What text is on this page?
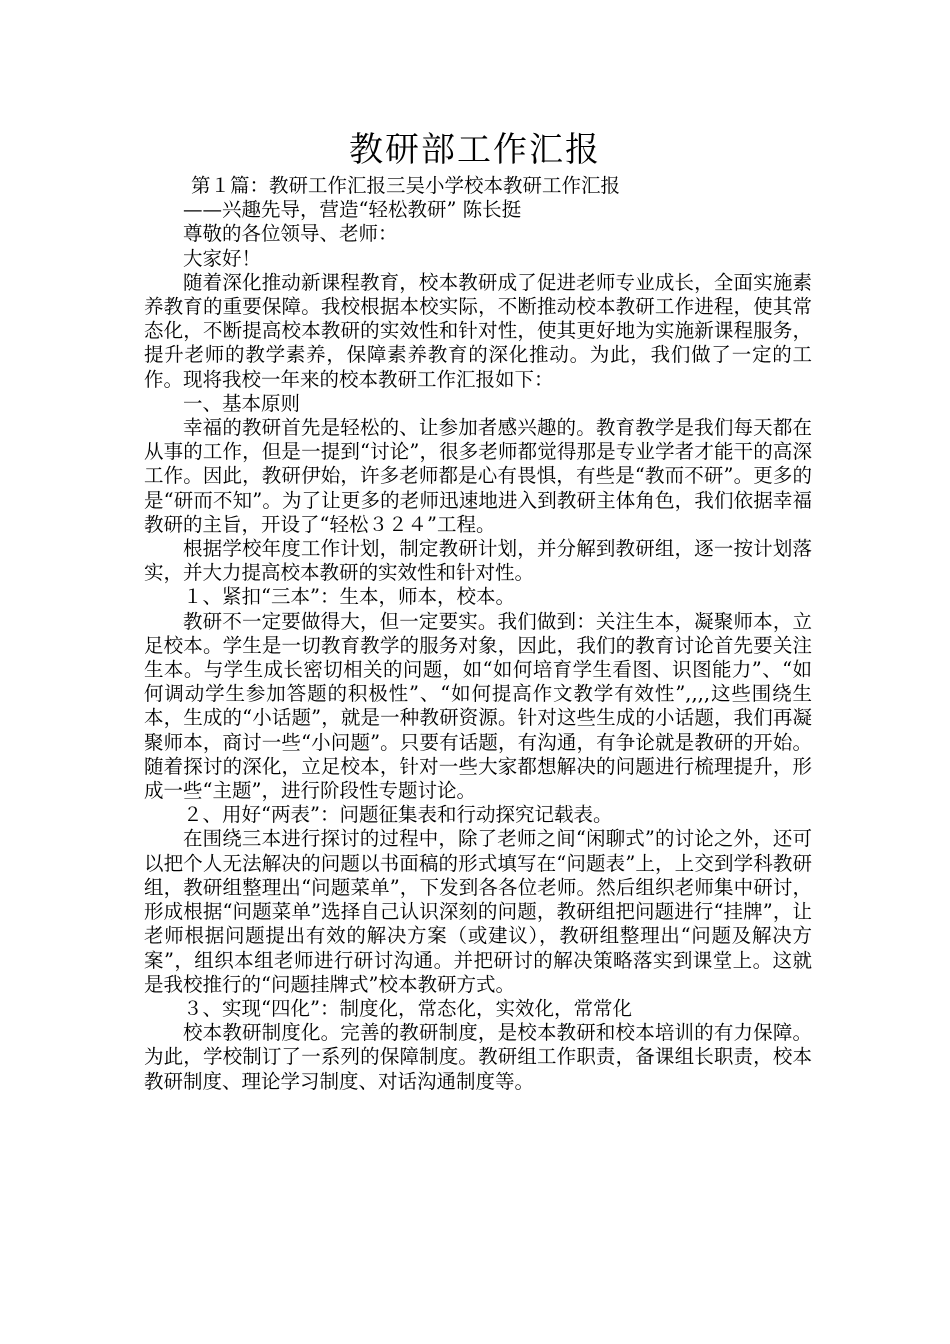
教研部工作汇报

第１篇：教研工作汇报三吴小学校本教研工作汇报

——兴趣先导，营造“轻松教研” 陈长挺

尊敬的各位领导、老师：

大家好！

随着深化推动新课程教育，校本教研成了促进老师专业成长，全面实施素养教育的重要保障。我校根据本校实际，不断推动校本教研工作进程，使其常态化，不断提高校本教研的实效性和针对性，使其更好地为实施新课程服务，提升老师的教学素养，保障素养教育的深化推动。为此，我们做了一定的工作。现将我校一年来的校本教研工作汇报如下：

一、基本原则

幸福的教研首先是轻松的、让参加者感兴趣的。教育教学是我们每天都在从事的工作，但是一提到“讨论”，很多老师都觉得那是专业学者才能干的高深工作。因此，教研伊始，许多老师都是心有畏惧，有些是“教而不研”。更多的是“研而不知”。为了让更多的老师迅速地进入到教研主体角色，我们依据幸福教研的主旨，开设了“轻松３２４”工程。

根据学校年度工作计划，制定教研计划，并分解到教研组，逐一按计划落实，并大力提高校本教研的实效性和针对性。

１、紧扣“三本”：生本，师本，校本。

教研不一定要做得大，但一定要实。我们做到：关注生本，凝聚师本，立足校本。学生是一切教育教学的服务对象，因此，我们的教育讨论首先要关注生本。与学生成长密切相关的问题，如“如何培育学生看图、识图能力”、“如何调动学生参加答题的积极性”、“如何提高作文教学有效性”,,,,这些围绕生本，生成的“小话题”，就是一种教研资源。针对这些生成的小话题，我们再凝聚师本，商讨一些“小问题”。只要有话题，有沟通，有争论就是教研的开始。随着探讨的深化，立足校本，针对一些大家都想解决的问题进行梳理提升，形成一些“主题”，进行阶段性专题讨论。

２、用好“两表”：问题征集表和行动探究记载表。

在围绕三本进行探讨的过程中，除了老师之间“闲聊式”的讨论之外，还可以把个人无法解决的问题以书面稿的形式填写在“问题表”上，上交到学科教研组，教研组整理出“问题菜单”，下发到各各位老师。然后组织老师集中研讨，形成根据“问题菜单”选择自己认识深刻的问题，教研组把问题进行“挂牌”，让老师根据问题提出有效的解决方案（或建议），教研组整理出“问题及解决方案”，组织本组老师进行研讨沟通。并把研讨的解决策略落实到课堂上。这就是我校推行的“问题挂牌式”校本教研方式。

３、实现“四化”：制度化，常态化，实效化，常常化

校本教研制度化。完善的教研制度，是校本教研和校本培训的有力保障。为此，学校制订了一系列的保障制度。教研组工作职责，备课组长职责，校本教研制度、理论学习制度、对话沟通制度等。
